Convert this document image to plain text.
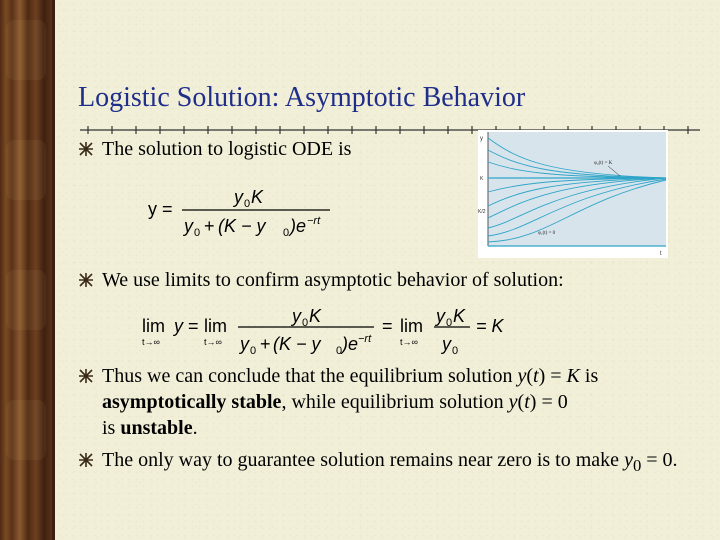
Logistic Solution: Asymptotic Behavior
The solution to logistic ODE is
y =
y 0 K
y 0 + (K − y 0 )e −rt
y
t
K
K/2
φ₂(t) = K
φ₁(t) = 0
We use limits to confirm asymptotic behavior of solution:
lim
t→∞
y = lim
t→∞
y 0 K
y 0 + (K − y 0 )e −rt
= lim
t→∞
y 0 K
y 0
= K
Thus we can conclude that the equilibrium solution y(t) = K is asymptotically stable, while equilibrium solution y(t) = 0
is unstable.
The only way to guarantee solution remains near zero is to make $y_0 = 0$.
